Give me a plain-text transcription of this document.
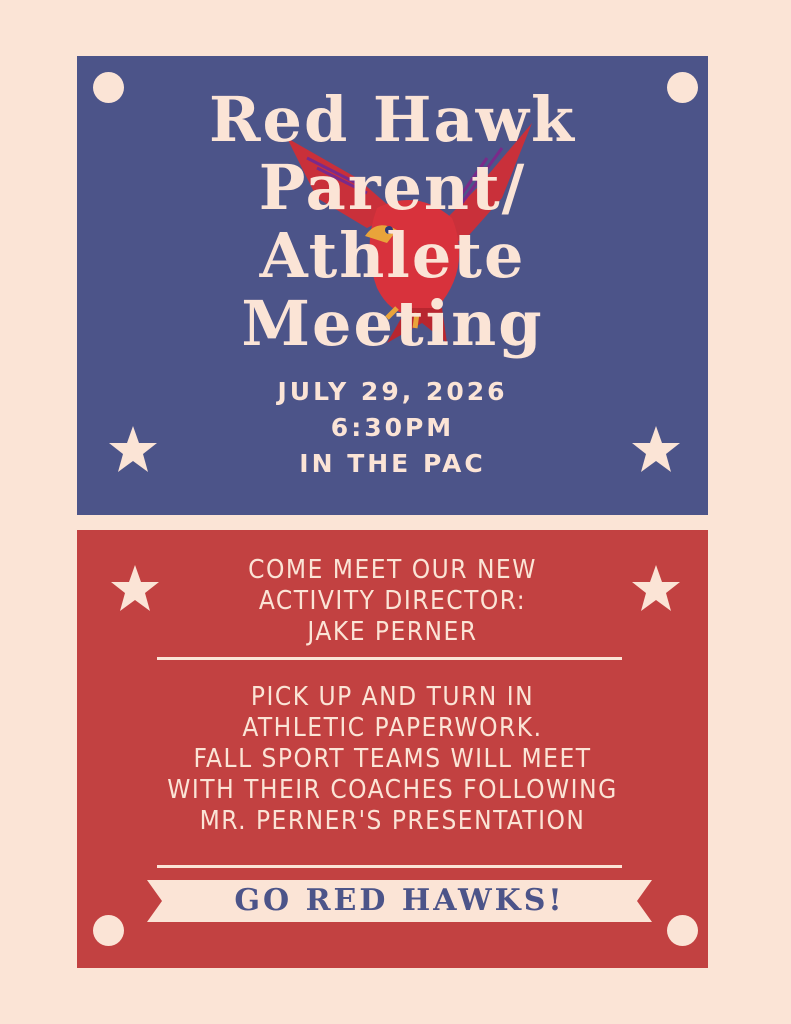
Red Hawk
Parent/
Athlete
Meeting
JULY 29, 2026
6:30PM
IN THE PAC
COME MEET OUR NEW
ACTIVITY DIRECTOR:
JAKE PERNER
PICK UP AND TURN IN
ATHLETIC PAPERWORK.
FALL SPORT TEAMS WILL MEET
WITH THEIR COACHES FOLLOWING
MR. PERNER'S PRESENTATION
GO RED HAWKS!
